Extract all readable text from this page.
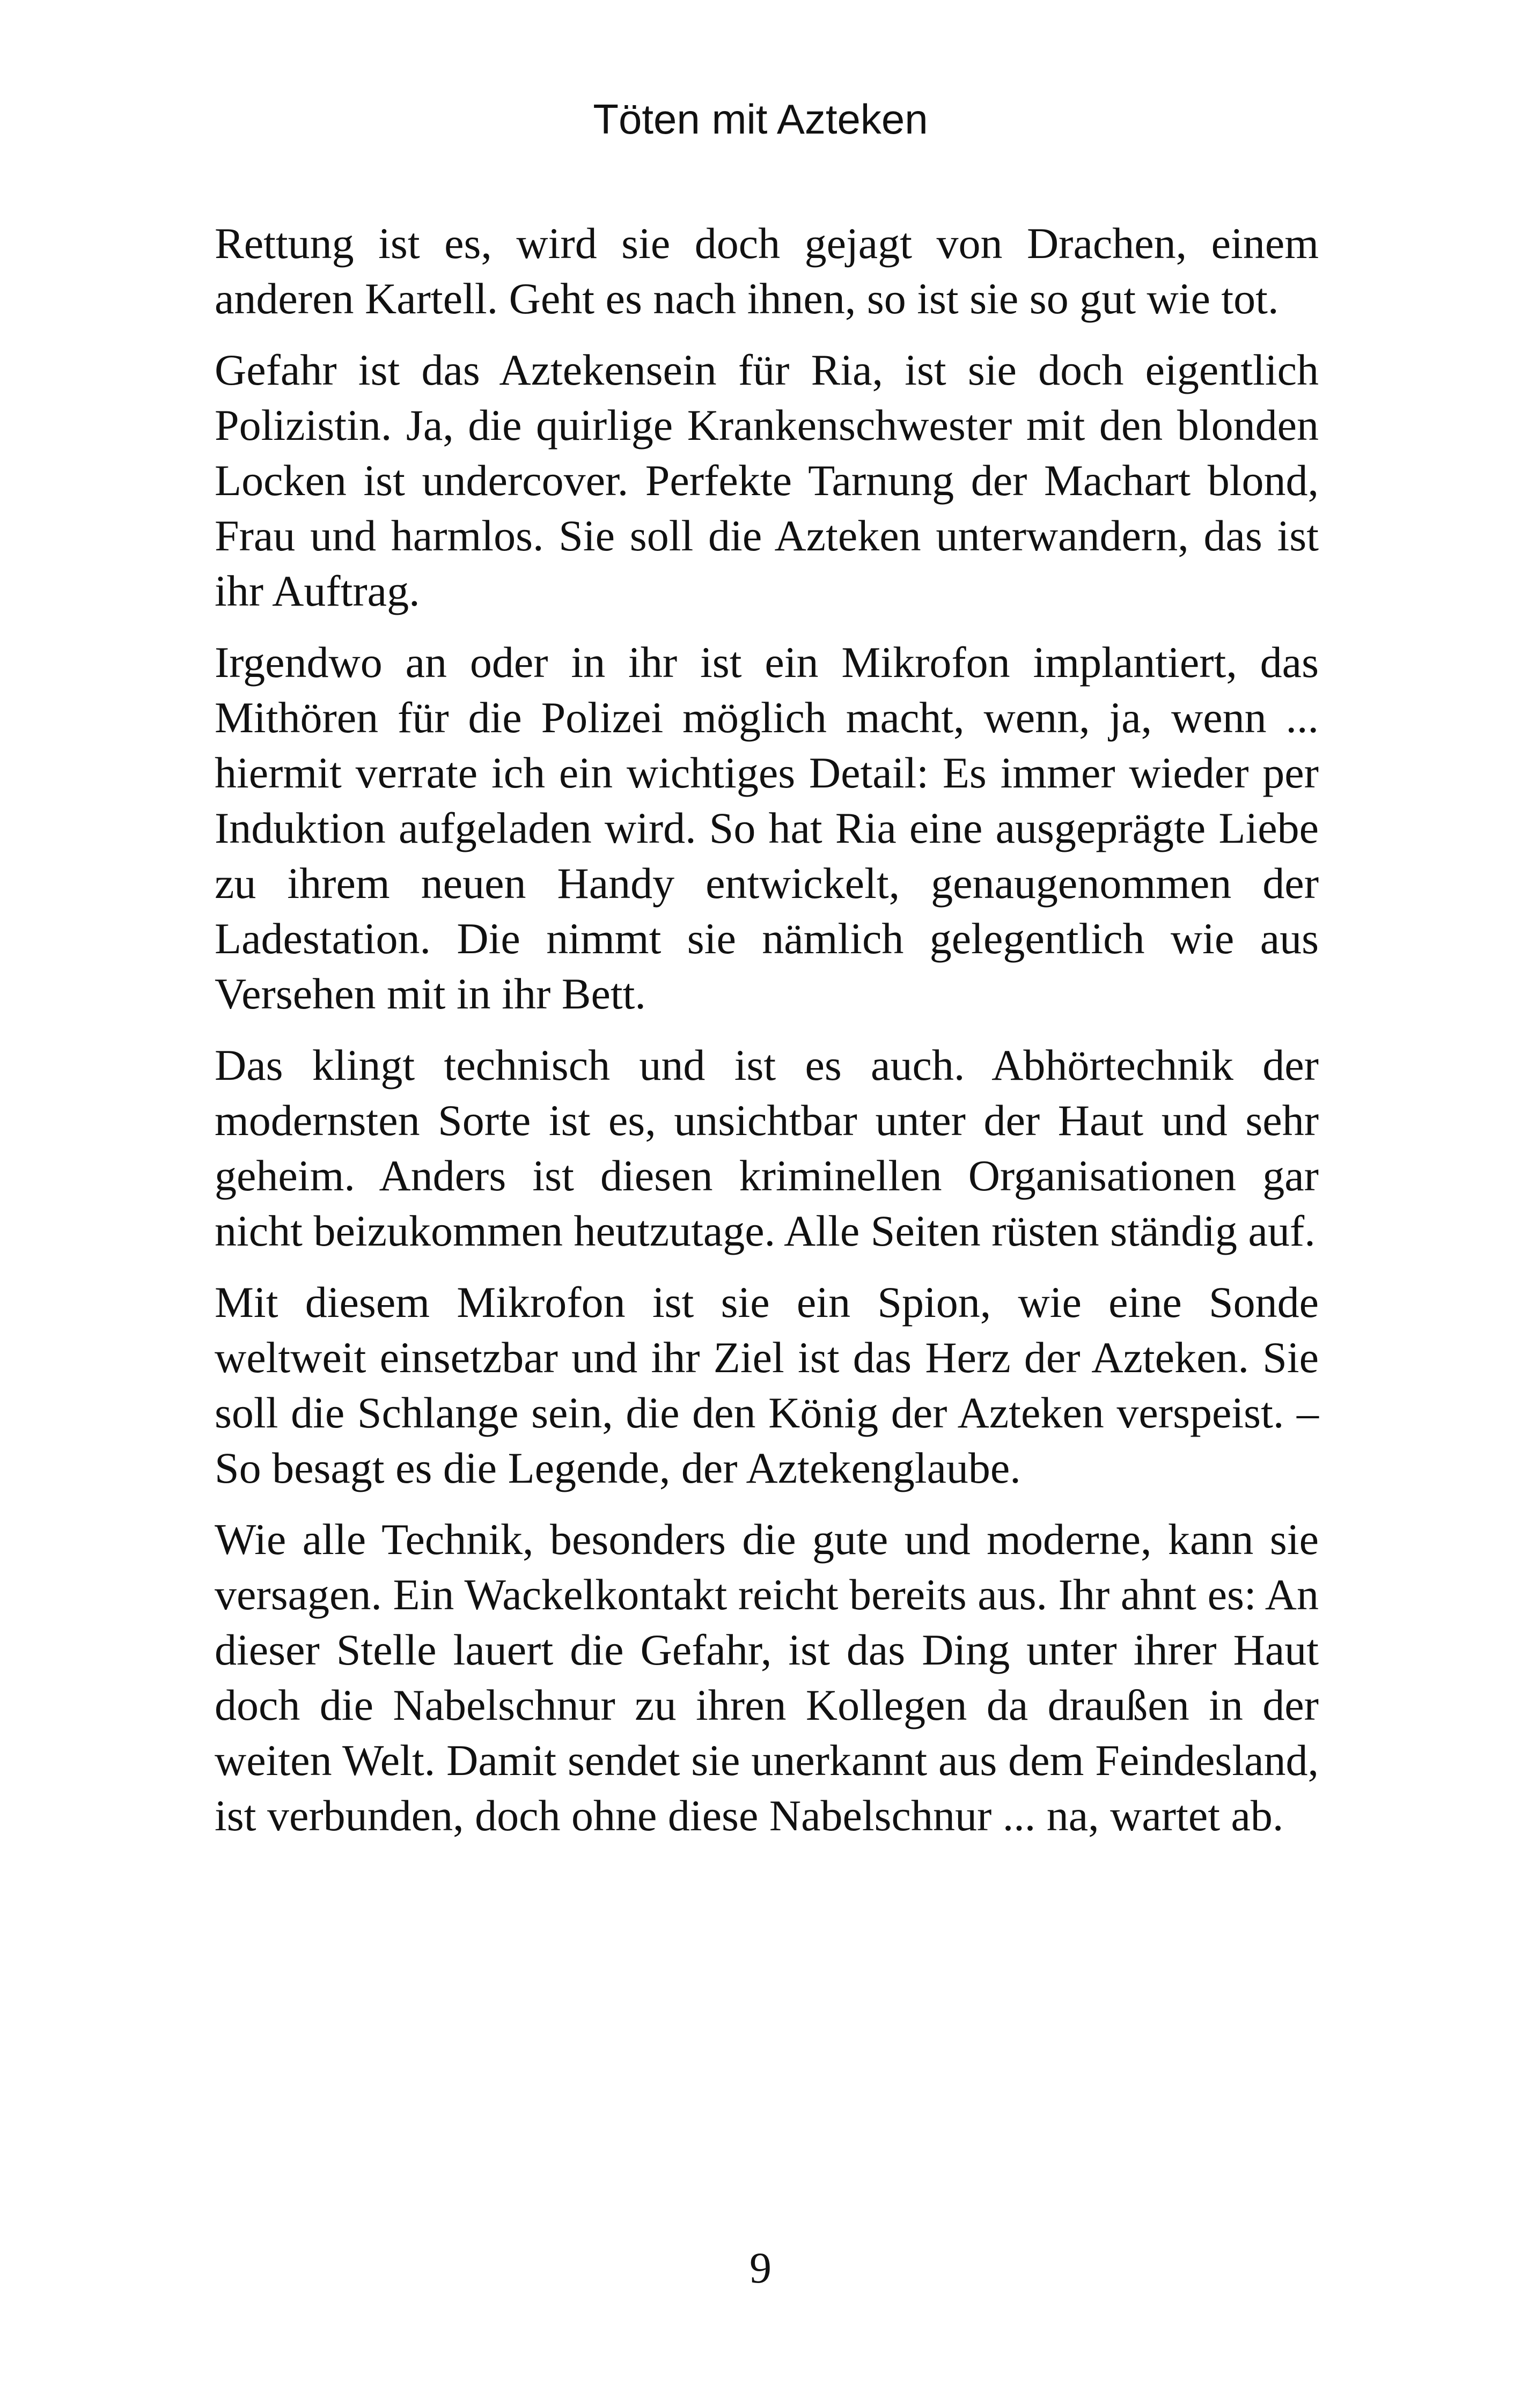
Töten mit Azteken

Rettung ist es, wird sie doch gejagt von Drachen, einem anderen Kartell. Geht es nach ihnen, so ist sie so gut wie tot.

Gefahr ist das Aztekensein für Ria, ist sie doch eigentlich Polizistin. Ja, die quirlige Krankenschwester mit den blonden Locken ist undercover. Perfekte Tarnung der Machart blond, Frau und harmlos. Sie soll die Azteken unterwandern, das ist ihr Auftrag.

Irgendwo an oder in ihr ist ein Mikrofon implantiert, das Mithören für die Polizei möglich macht, wenn, ja, wenn ... hiermit verrate ich ein wichtiges Detail: Es immer wieder per Induktion aufgeladen wird. So hat Ria eine ausgeprägte Liebe zu ihrem neuen Handy entwickelt, genaugenommen der Ladestation. Die nimmt sie nämlich gelegentlich wie aus Versehen mit in ihr Bett.

Das klingt technisch und ist es auch. Abhörtechnik der modernsten Sorte ist es, unsichtbar unter der Haut und sehr geheim. Anders ist diesen kriminellen Organisationen gar nicht beizukommen heutzutage. Alle Seiten rüsten ständig auf.

Mit diesem Mikrofon ist sie ein Spion, wie eine Sonde weltweit einsetzbar und ihr Ziel ist das Herz der Azteken. Sie soll die Schlange sein, die den König der Azteken verspeist. – So besagt es die Legende, der Aztekenglaube.

Wie alle Technik, besonders die gute und moderne, kann sie versagen. Ein Wackelkontakt reicht bereits aus. Ihr ahnt es: An dieser Stelle lauert die Gefahr, ist das Ding unter ihrer Haut doch die Nabelschnur zu ihren Kollegen da draußen in der weiten Welt. Damit sendet sie unerkannt aus dem Feindesland, ist verbunden, doch ohne diese Nabelschnur ... na, wartet ab.

9
